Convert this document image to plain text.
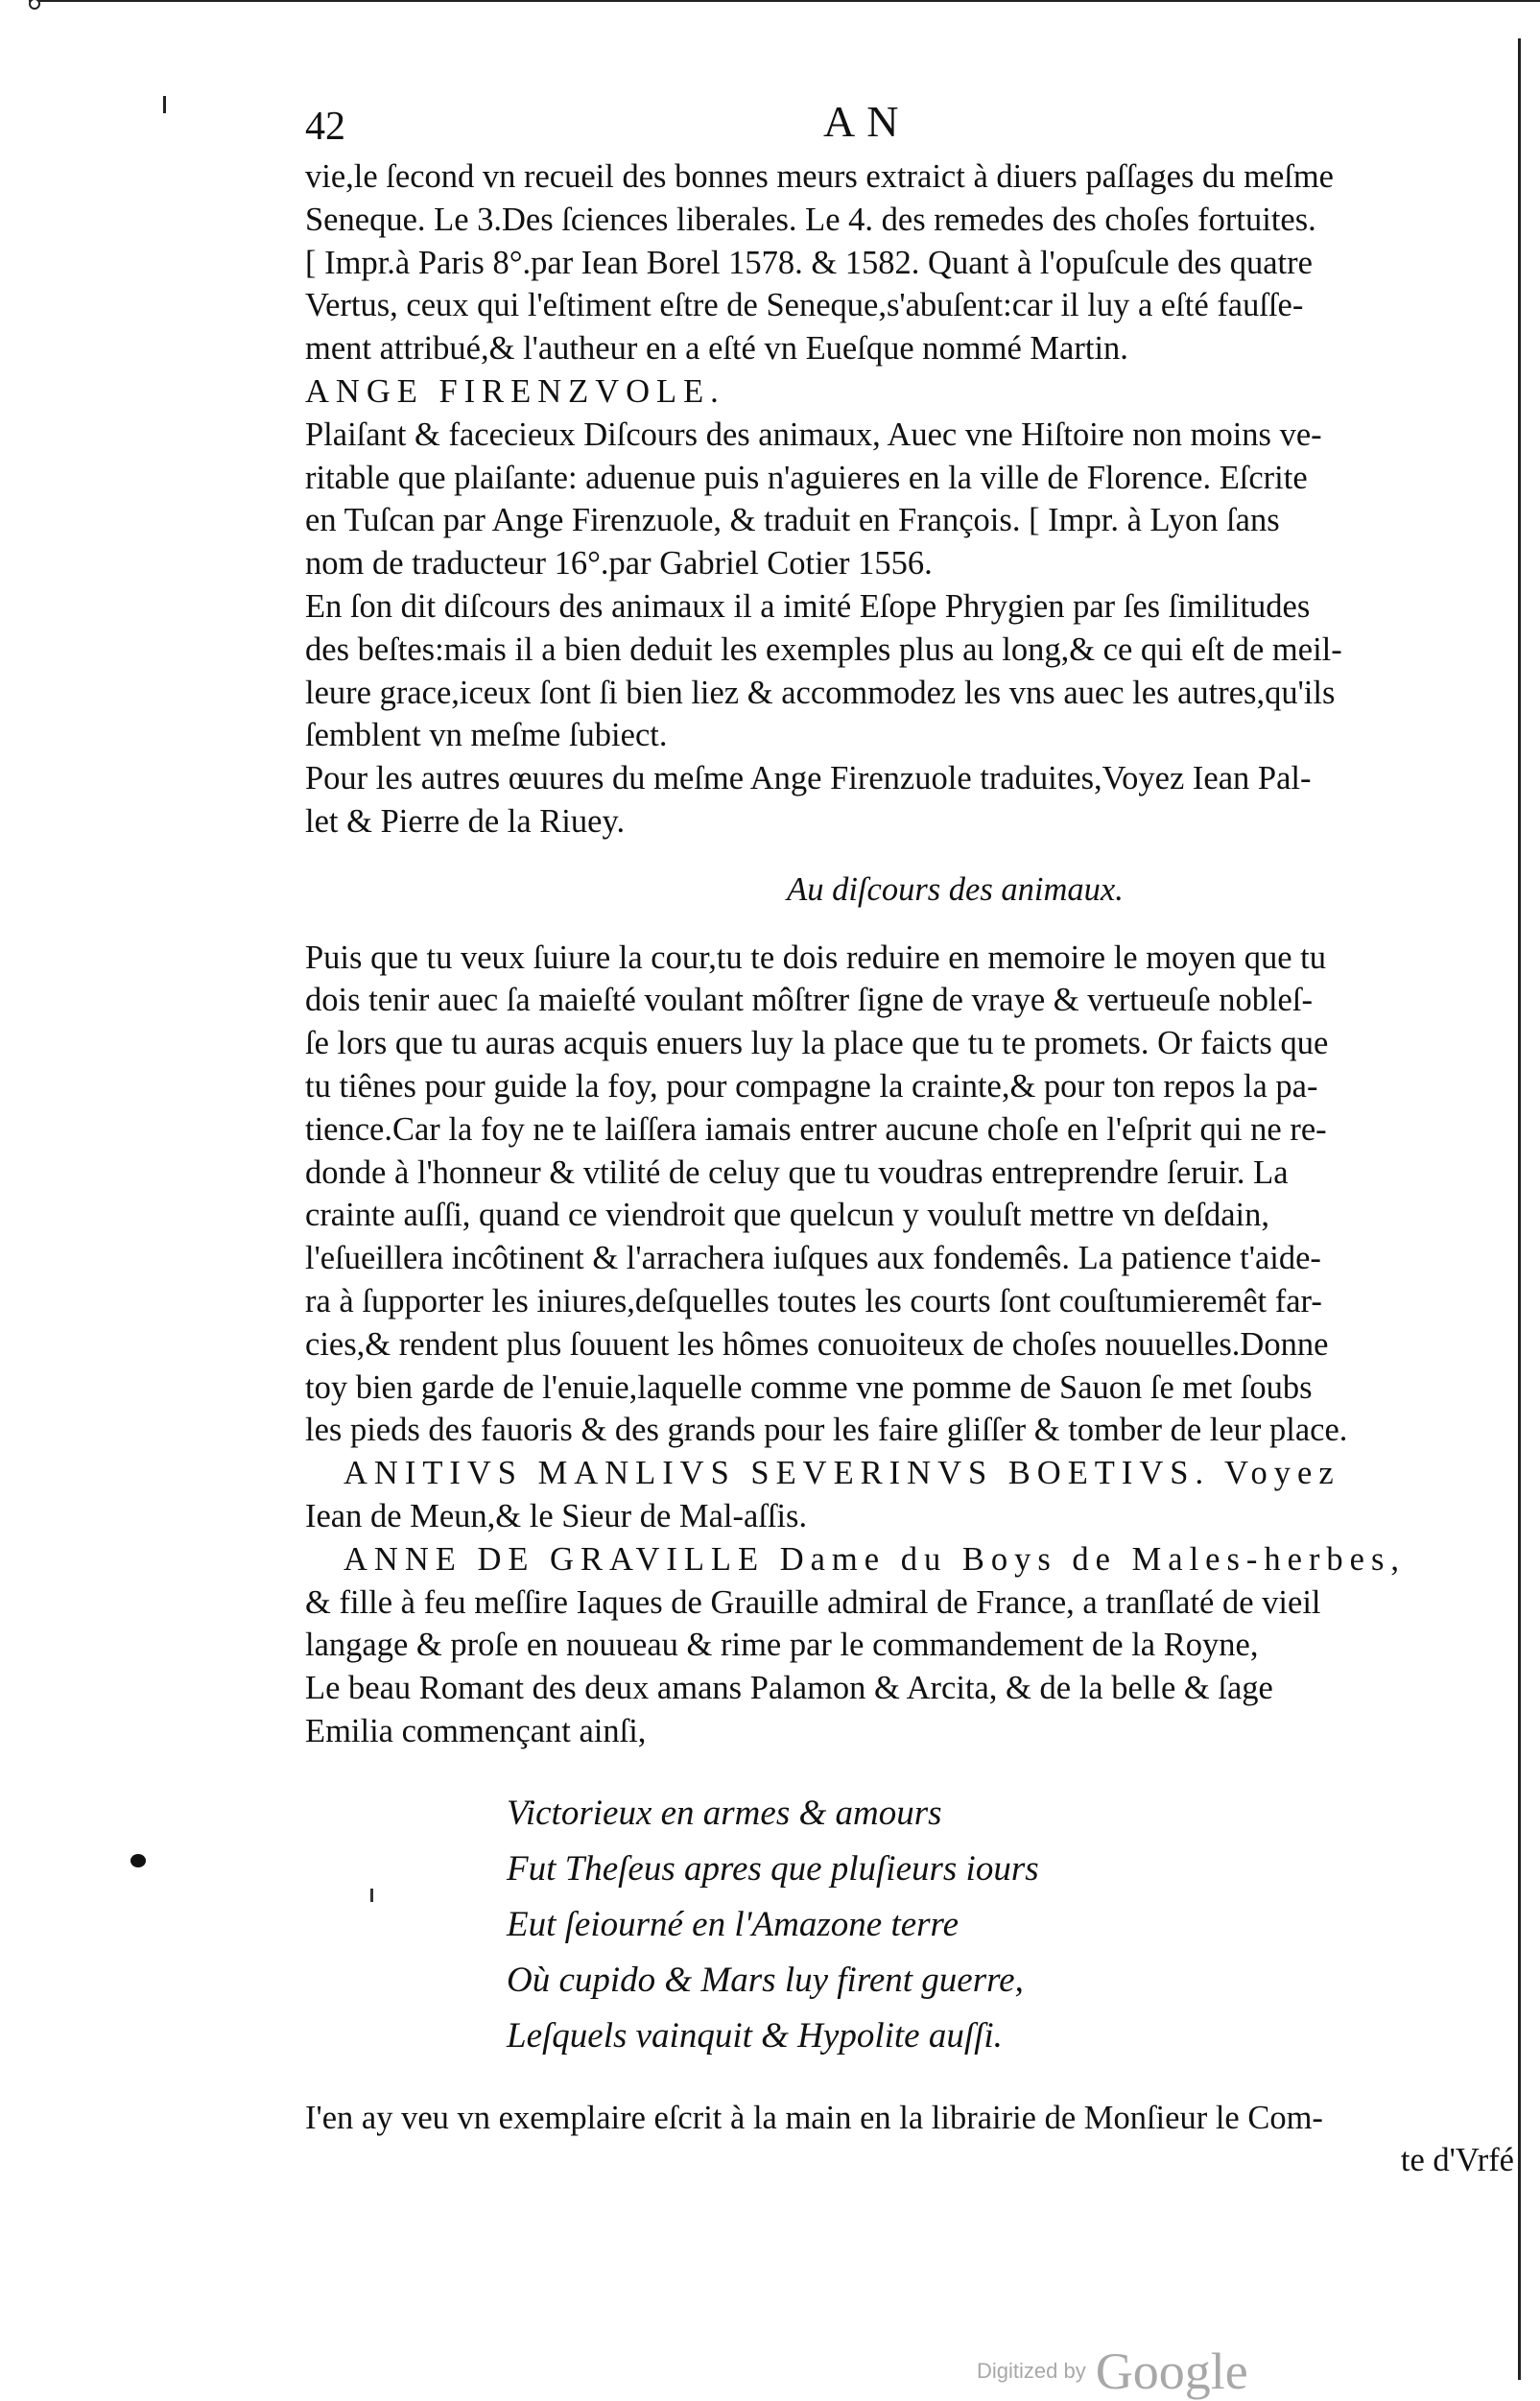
42	AN
vie,le ſecond vn recueil des bonnes meurs extraict à diuers paſſages du meſme
Seneque. Le 3.Des ſciences liberales. Le 4. des remedes des choſes fortuites.
[ Impr.à Paris 8°.par Iean Borel 1578. & 1582. Quant à l'opuſcule des quatre
Vertus, ceux qui l'eſtiment eſtre de Seneque,s'abuſent:car il luy a eſté fauſſe-
ment attribué,& l'autheur en a eſté vn Eueſque nommé Martin.
ANGE FIRENZVOLE.
Plaiſant & facecieux Diſcours des animaux, Auec vne Hiſtoire non moins ve-
ritable que plaiſante: aduenue puis n'aguieres en la ville de Florence. Eſcrite
en Tuſcan par Ange Firenzuole, & traduit en François. [ Impr. à Lyon ſans
nom de traducteur 16°.par Gabriel Cotier 1556.
En ſon dit diſcours des animaux il a imité Eſope Phrygien par ſes ſimilitudes
des beſtes:mais il a bien deduit les exemples plus au long,& ce qui eſt de meil-
leure grace,iceux ſont ſi bien liez & accommodez les vns auec les autres,qu'ils
ſemblent vn meſme ſubiect.
Pour les autres œuures du meſme Ange Firenzuole traduites,Voyez Iean Pal-
let & Pierre de la Riuey.
Au diſcours des animaux.
Puis que tu veux ſuiure la cour,tu te dois reduire en memoire le moyen que tu
dois tenir auec ſa maieſté voulant môſtrer ſigne de vraye & vertueuſe nobleſ-
ſe lors que tu auras acquis enuers luy la place que tu te promets. Or faicts que
tu tiênes pour guide la foy, pour compagne la crainte,& pour ton repos la pa-
tience.Car la foy ne te laiſſera iamais entrer aucune choſe en l'eſprit qui ne re-
donde à l'honneur & vtilité de celuy que tu voudras entreprendre ſeruir. La
crainte auſſi, quand ce viendroit que quelcun y vouluſt mettre vn deſdain,
l'eſueillera incôtinent & l'arrachera iuſques aux fondemês. La patience t'aide-
ra à ſupporter les iniures,deſquelles toutes les courts ſont couſtumieremêt far-
cies,& rendent plus ſouuent les hômes conuoiteux de choſes nouuelles.Donne
toy bien garde de l'enuie,laquelle comme vne pomme de Sauon ſe met ſoubs
les pieds des fauoris & des grands pour les faire gliſſer & tomber de leur place.
ANITIVS MANLIVS SEVERINVS BOETIVS. Voyez
Iean de Meun,& le Sieur de Mal-aſſis.
ANNE DE GRAVILLE Dame du Boys de Males-herbes,
& fille à feu meſſire Iaques de Grauille admiral de France, a tranſlaté de vieil
langage & proſe en nouueau & rime par le commandement de la Royne,
Le beau Romant des deux amans Palamon & Arcita, & de la belle & ſage
Emilia commençant ainſi,
Victorieux en armes & amours
Fut Theſeus apres que pluſieurs iours
Eut ſeiourné en l'Amazone terre
Où cupido & Mars luy firent guerre,
Leſquels vainquit & Hypolite auſſi.
I'en ay veu vn exemplaire eſcrit à la main en la librairie de Monſieur le Com-
te d'Vrfé
Digitized by Google
